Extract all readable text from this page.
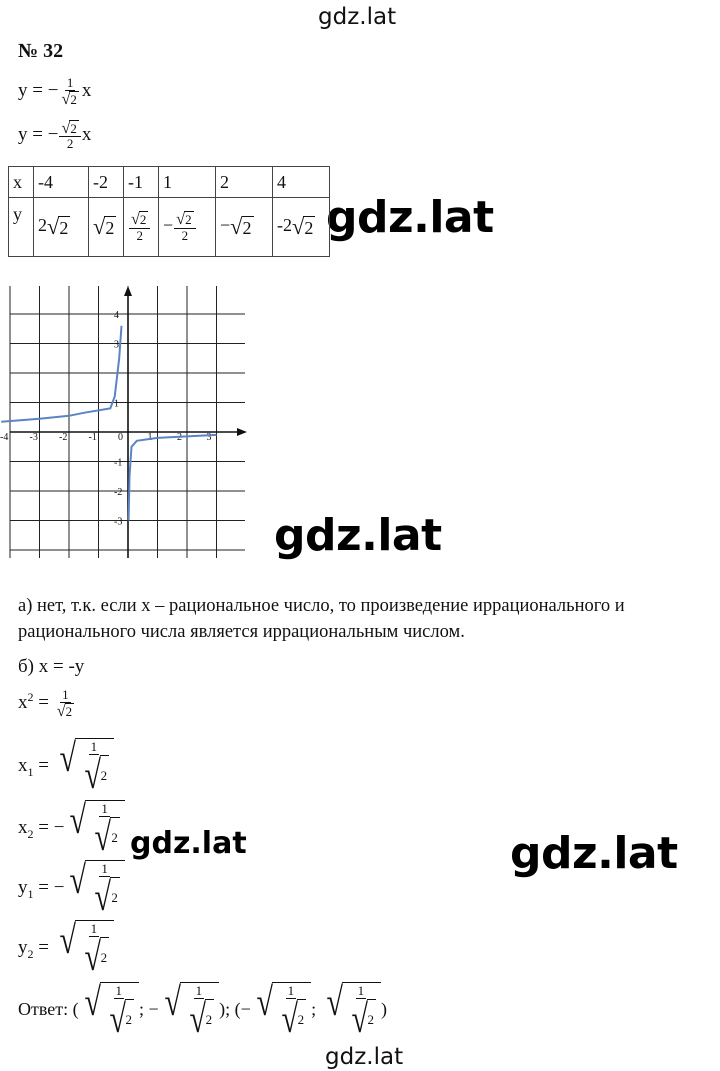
gdz.lat
gdz.lat
gdz.lat
gdz.lat	gdz.lat
gdz.lat
№ 32
y = − $\frac{1}{√ 2}$ x
y = − $\frac{√ 2}{2}$ x
x	-4	-2	-1	1	2	4
y	2 √ 2	√ 2	$\frac{√ 2}{2}$	− $\frac{√ 2}{2}$	− √ 2	-2 √ 2
-4 -3 -2 -1 0 1 2 3
4
3
1
-1
-2
-3
а) нет, т.к. если x – рациональное число, то произведение иррационального и
рационального числа является иррациональным числом.
б) x = -y
$x^2 = \frac{1}{√ 2}$
$x_1$ = √ $\frac{1}{√ 2}$
$x_2$ = − √ $\frac{1}{√ 2}$
$y_1$ = − √ $\frac{1}{√ 2}$
$y_2$ = √ $\frac{1}{√ 2}$
Ответ: ( √ $\frac{1}{√ 2}$ ; − √ $\frac{1}{√ 2}$ ); (− √ $\frac{1}{√ 2}$ ; √ $\frac{1}{√ 2}$ )
